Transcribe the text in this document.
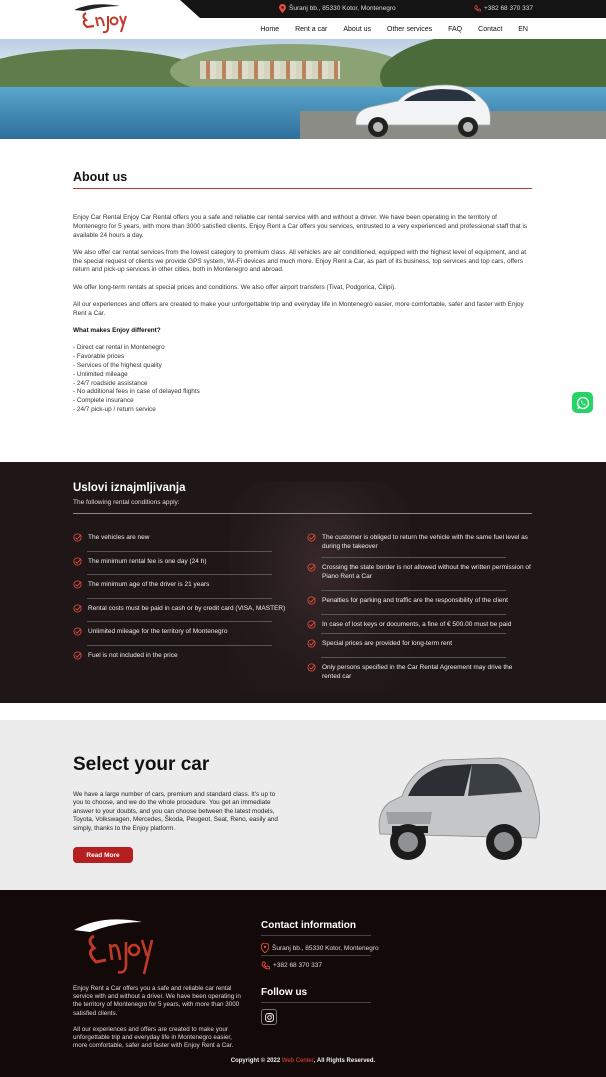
Šuranj bb., 85330 Kotor, Montenegro	+382 68 370 337
Home	Rent a car	About us	Other services	FAQ	Contact	EN
About us

Enjoy Car Rental Enjoy Car Rental offers you a safe and reliable car rental service with and without a driver. We have been operating in the territory of Montenegro for 5 years, with more than 3000 satisfied clients. Enjoy Rent a Car offers you services, entrusted to a very experienced and professional staff that is available 24 hours a day.

We also offer car rental services from the lowest category to premium class. All vehicles are air conditioned, equipped with the highest level of equipment, and at the special request of clients we provide GPS system, Wi-Fi devices and much more. Enjoy Rent a Car, as part of its business, top services and top cars, offers return and pick-up services in other cities, both in Montenegro and abroad.

We offer long-term rentals at special prices and conditions. We also offer airport transfers (Tivat, Podgorica, Ćilipi).

All our experiences and offers are created to make your unforgettable trip and everyday life in Montenegro easier, more comfortable, safer and faster with Enjoy Rent a Car.

What makes Enjoy different?

- Direct car rental in Montenegro
- Favorable prices
- Services of the highest quality
- Unlimited mileage
- 24/7 roadside assistance
- No additional fees in case of delayed flights
- Complete insurance
- 24/7 pick-up / return service
Uslovi iznajmljivanja
The following rental conditions apply:
The vehicles are new
The minimum rental fee is one day (24 h)
The minimum age of the driver is 21 years
Rental costs must be paid in cash or by credit card (VISA, MASTER)
Unlimited mileage for the territory of Montenegro
Fuel is not included in the price
The customer is obliged to return the vehicle with the same fuel level as during the takeover
Crossing the state border is not allowed without the written permission of Piano Rent a Car
Penalties for parking and traffic are the responsibility of the client
In case of lost keys or documents, a fine of € 500.00 must be paid
Special prices are provided for long-term rent
Only persons specified in the Car Rental Agreement may drive the rented car
Select your car
We have a large number of cars, premium and standard class. It's up to you to choose, and we do the whole procedure. You get an immediate answer to your doubts, and you can choose between the latest models, Toyota, Volkswagen, Mercedes, Škoda, Peugeot, Seat, Reno, easily and simply, thanks to the Enjoy platform.
Read More

Enjoy Rent a Car offers you a safe and reliable car rental service with and without a driver. We have been operating in the territory of Montenegro for 5 years, with more than 3000 satisfied clients.

All our experiences and offers are created to make your unforgettable trip and everyday life in Montenegro easier, more comfortable, safer and faster with Enjoy Rent a Car.

Contact information
Šuranj bb., 85330 Kotor, Montenegro
+382 68 370 337
Follow us
Copyright © 2022 Web Center, All Rights Reserved.
